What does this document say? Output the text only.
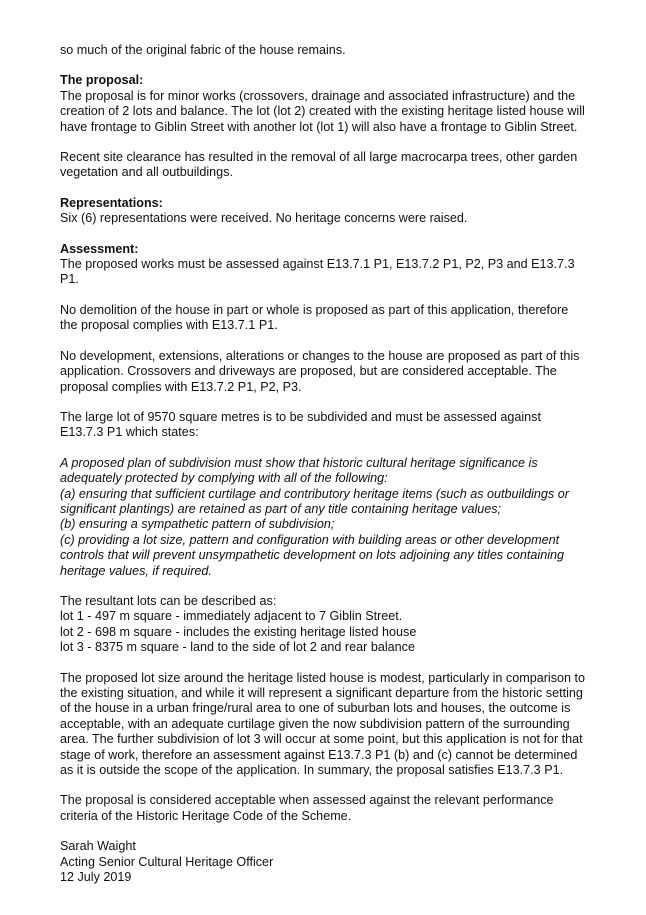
so much of the original fabric of the house remains.

The proposal:

The proposal is for minor works (crossovers, drainage and associated infrastructure) and the
creation of 2 lots and balance. The lot (lot 2) created with the existing heritage listed house will
have frontage to Giblin Street with another lot (lot 1) will also have a frontage to Giblin Street.

Recent site clearance has resulted in the removal of all large macrocarpa trees, other garden
vegetation and all outbuildings.

Representations:

Six (6) representations were received. No heritage concerns were raised.

Assessment:

The proposed works must be assessed against E13.7.1 P1, E13.7.2 P1, P2, P3 and E13.7.3
P1.

No demolition of the house in part or whole is proposed as part of this application, therefore
the proposal complies with E13.7.1 P1.

No development, extensions, alterations or changes to the house are proposed as part of this
application. Crossovers and driveways are proposed, but are considered acceptable. The
proposal complies with E13.7.2 P1, P2, P3.

The large lot of 9570 square metres is to be subdivided and must be assessed against
E13.7.3 P1 which states:

A proposed plan of subdivision must show that historic cultural heritage significance is
adequately protected by complying with all of the following:
(a) ensuring that sufficient curtilage and contributory heritage items (such as outbuildings or
significant plantings) are retained as part of any title containing heritage values;
(b) ensuring a sympathetic pattern of subdivision;
(c) providing a lot size, pattern and configuration with building areas or other development
controls that will prevent unsympathetic development on lots adjoining any titles containing
heritage values, if required.

The resultant lots can be described as:

lot 1 - 497 m square - immediately adjacent to 7 Giblin Street.

lot 2 - 698 m square - includes the existing heritage listed house

lot 3 - 8375 m square - land to the side of lot 2 and rear balance

The proposed lot size around the heritage listed house is modest, particularly in comparison to
the existing situation, and while it will represent a significant departure from the historic setting
of the house in a urban fringe/rural area to one of suburban lots and houses, the outcome is
acceptable, with an adequate curtilage given the now subdivision pattern of the surrounding
area. The further subdivision of lot 3 will occur at some point, but this application is not for that
stage of work, therefore an assessment against E13.7.3 P1 (b) and (c) cannot be determined
as it is outside the scope of the application. In summary, the proposal satisfies E13.7.3 P1.

The proposal is considered acceptable when assessed against the relevant performance
criteria of the Historic Heritage Code of the Scheme.

Sarah Waight

Acting Senior Cultural Heritage Officer

12 July 2019
